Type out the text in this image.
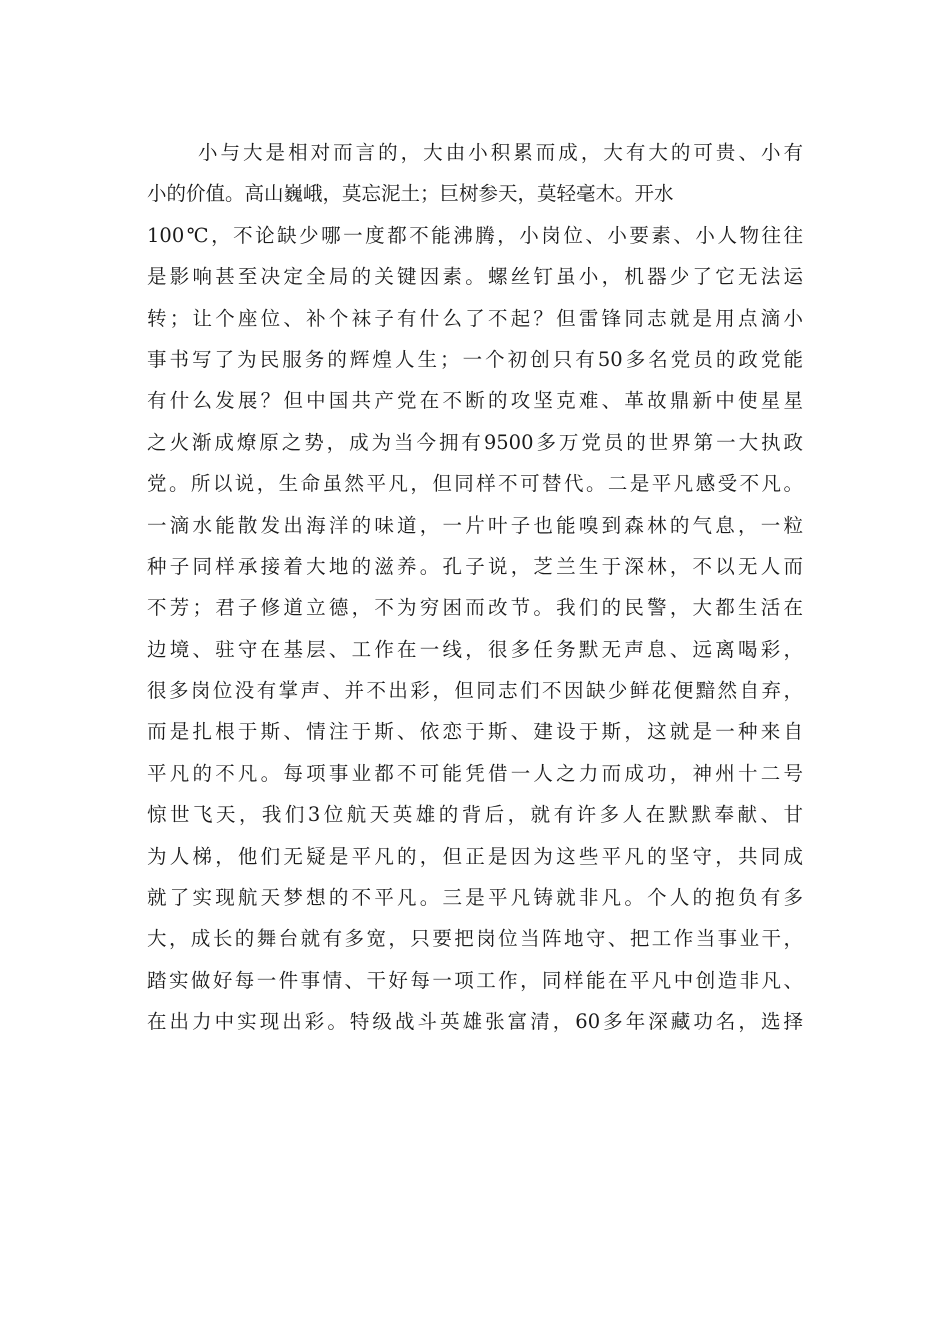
小与大是相对而言的，大由小积累而成，大有大的可贵、小有
小的价值。高山巍峨，莫忘泥土；巨树参天，莫轻毫木。开水
100℃，不论缺少哪一度都不能沸腾，小岗位、小要素、小人物往往
是影响甚至决定全局的关键因素。螺丝钉虽小，机器少了它无法运
转；让个座位、补个袜子有什么了不起？但雷锋同志就是用点滴小
事书写了为民服务的辉煌人生；一个初创只有50多名党员的政党能
有什么发展？但中国共产党在不断的攻坚克难、革故鼎新中使星星
之火渐成燎原之势，成为当今拥有9500多万党员的世界第一大执政
党。所以说，生命虽然平凡，但同样不可替代。二是平凡感受不凡。
一滴水能散发出海洋的味道，一片叶子也能嗅到森林的气息，一粒
种子同样承接着大地的滋养。孔子说，芝兰生于深林，不以无人而
不芳；君子修道立德，不为穷困而改节。我们的民警，大都生活在
边境、驻守在基层、工作在一线，很多任务默无声息、远离喝彩，
很多岗位没有掌声、并不出彩，但同志们不因缺少鲜花便黯然自弃，
而是扎根于斯、情注于斯、依恋于斯、建设于斯，这就是一种来自
平凡的不凡。每项事业都不可能凭借一人之力而成功，神州十二号
惊世飞天，我们3位航天英雄的背后，就有许多人在默默奉献、甘
为人梯，他们无疑是平凡的，但正是因为这些平凡的坚守，共同成
就了实现航天梦想的不平凡。三是平凡铸就非凡。个人的抱负有多
大，成长的舞台就有多宽，只要把岗位当阵地守、把工作当事业干，
踏实做好每一件事情、干好每一项工作，同样能在平凡中创造非凡、
在出力中实现出彩。特级战斗英雄张富清，60多年深藏功名，选择
